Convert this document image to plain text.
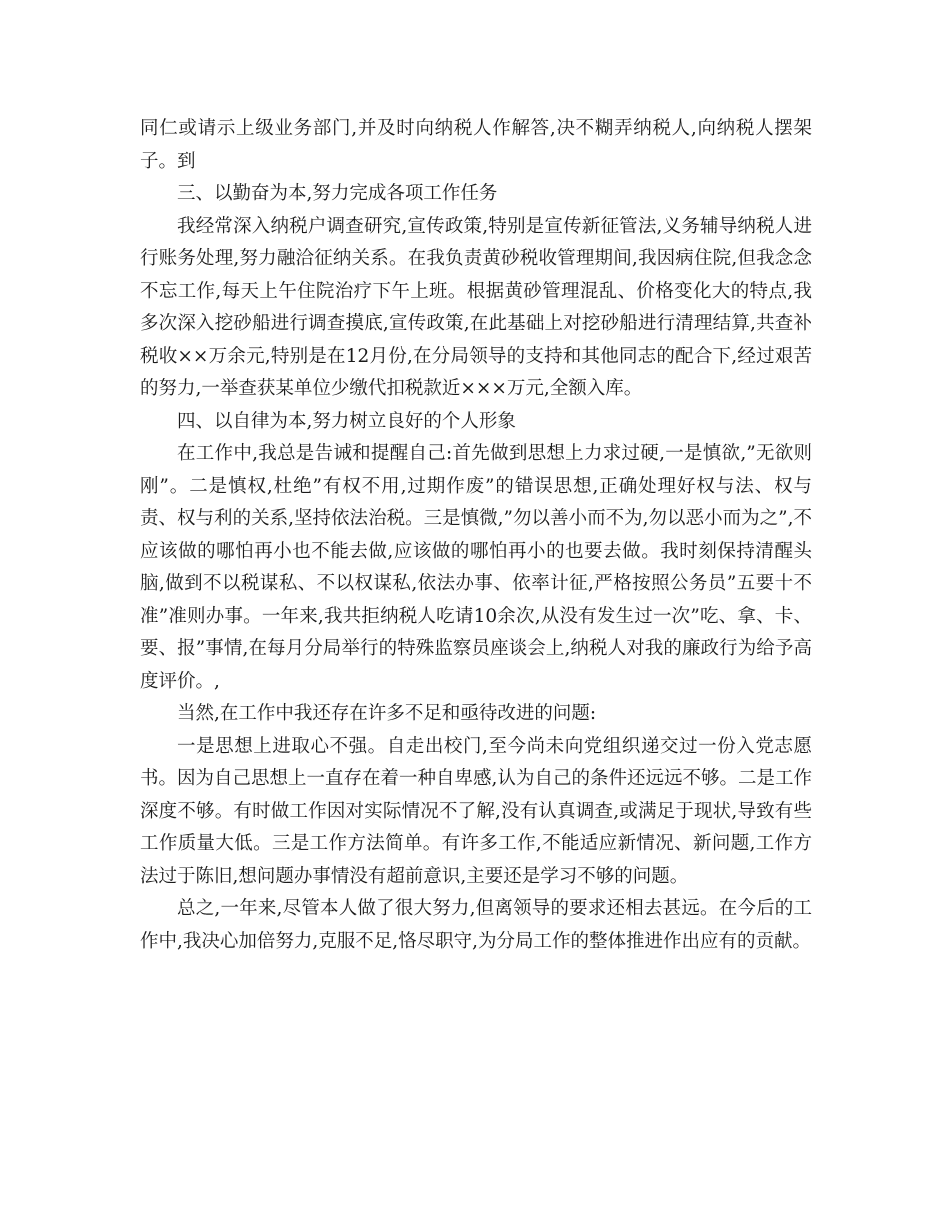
同仁或请示上级业务部门,并及时向纳税人作解答,决不糊弄纳税人,向纳税人摆架子。到

三、以勤奋为本,努力完成各项工作任务

我经常深入纳税户调查研究,宣传政策,特别是宣传新征管法,义务辅导纳税人进行账务处理,努力融洽征纳关系。在我负责黄砂税收管理期间,我因病住院,但我念念不忘工作,每天上午住院治疗下午上班。根据黄砂管理混乱、价格变化大的特点,我多次深入挖砂船进行调查摸底,宣传政策,在此基础上对挖砂船进行清理结算,共查补税收××万余元,特别是在12月份,在分局领导的支持和其他同志的配合下,经过艰苦的努力,一举查获某单位少缴代扣税款近×××万元,全额入库。

四、以自律为本,努力树立良好的个人形象

在工作中,我总是告诫和提醒自己:首先做到思想上力求过硬,一是慎欲,”无欲则刚”。二是慎权,杜绝”有权不用,过期作废”的错误思想,正确处理好权与法、权与责、权与利的关系,坚持依法治税。三是慎微,”勿以善小而不为,勿以恶小而为之”,不应该做的哪怕再小也不能去做,应该做的哪怕再小的也要去做。我时刻保持清醒头脑,做到不以税谋私、不以权谋私,依法办事、依率计征,严格按照公务员”五要十不准”准则办事。一年来,我共拒纳税人吃请10余次,从没有发生过一次”吃、拿、卡、要、报”事情,在每月分局举行的特殊监察员座谈会上,纳税人对我的廉政行为给予高度评价。,

当然,在工作中我还存在许多不足和亟待改进的问题:

一是思想上进取心不强。自走出校门,至今尚未向党组织递交过一份入党志愿书。因为自己思想上一直存在着一种自卑感,认为自己的条件还远远不够。二是工作深度不够。有时做工作因对实际情况不了解,没有认真调查,或满足于现状,导致有些工作质量大低。三是工作方法简单。有许多工作,不能适应新情况、新问题,工作方法过于陈旧,想问题办事情没有超前意识,主要还是学习不够的问题。

总之,一年来,尽管本人做了很大努力,但离领导的要求还相去甚远。在今后的工作中,我决心加倍努力,克服不足,恪尽职守,为分局工作的整体推进作出应有的贡献。
